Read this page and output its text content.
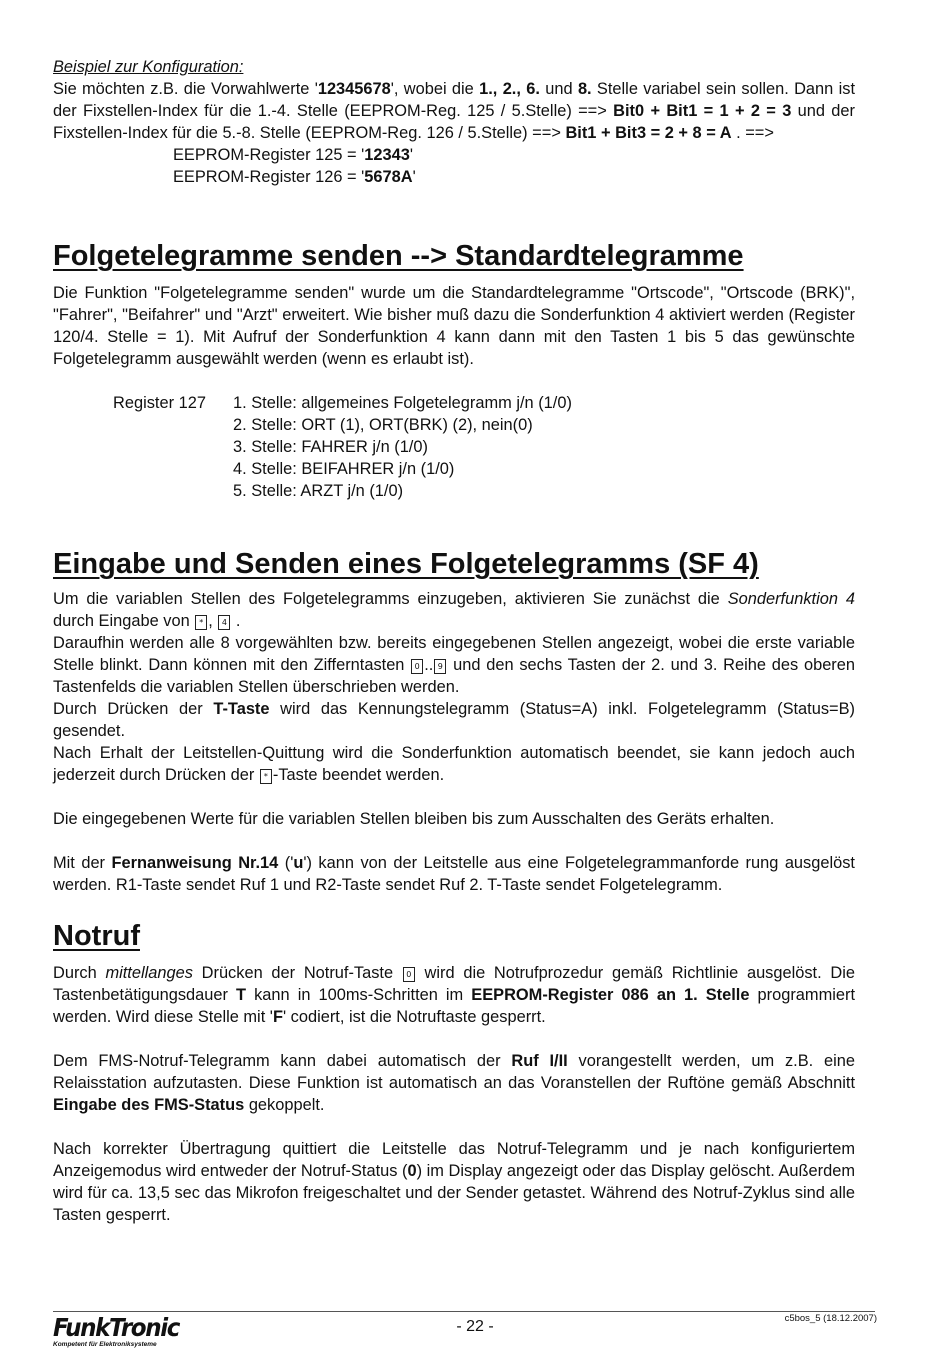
Beispiel zur Konfiguration:

Sie möchten z.B. die Vorwahlwerte '12345678', wobei die 1., 2., 6. und 8. Stelle variabel sein sollen. Dann ist der Fixstellen-Index für die 1.-4. Stelle (EEPROM-Reg. 125 / 5.Stelle) ==> Bit0 + Bit1 = 1 + 2 = 3 und der Fixstellen-Index für die 5.-8. Stelle (EEPROM-Reg. 126 / 5.Stelle) ==> Bit1 + Bit3 = 2 + 8 = A . ==>

EEPROM-Register 125 = '12343'

EEPROM-Register 126 = '5678A'

Folgetelegramme senden --> Standardtelegramme

Die Funktion "Folgetelegramme senden" wurde um die Standardtelegramme "Ortscode", "Ortscode (BRK)", "Fahrer", "Beifahrer" und "Arzt" erweitert. Wie bisher muß dazu die Sonderfunktion 4 aktiviert werden (Register 120/4. Stelle = 1). Mit Aufruf der Sonderfunktion 4 kann dann mit den Tasten 1 bis 5 das gewünschte Folgetelegramm ausgewählt werden (wenn es erlaubt ist).

Register 127	1. Stelle: allgemeines Folgetelegramm j/n (1/0)

2. Stelle: ORT (1), ORT(BRK) (2), nein(0)

3. Stelle: FAHRER j/n (1/0)

4. Stelle: BEIFAHRER j/n (1/0)

5. Stelle: ARZT j/n (1/0)

Eingabe und Senden eines Folgetelegramms (SF 4)

Um die variablen Stellen des Folgetelegramms einzugeben, aktivieren Sie zunächst die Sonderfunktion 4 durch Eingabe von * , 4 .

Daraufhin werden alle 8 vorgewählten bzw. bereits eingegebenen Stellen angezeigt, wobei die erste variable Stelle blinkt. Dann können mit den Zifferntasten 0 .. 9 und den sechs Tasten der 2. und 3. Reihe des oberen Tastenfelds die variablen Stellen überschrieben werden.

Durch Drücken der T-Taste wird das Kennungstelegramm (Status=A) inkl. Folgetelegramm (Status=B) gesendet.

Nach Erhalt der Leitstellen-Quittung wird die Sonderfunktion automatisch beendet, sie kann jedoch auch jederzeit durch Drücken der * -Taste beendet werden.

Die eingegebenen Werte für die variablen Stellen bleiben bis zum Ausschalten des Geräts erhalten.

Mit der Fernanweisung Nr.14 ('u') kann von der Leitstelle aus eine Folgetelegrammanforde rung ausgelöst werden. R1-Taste sendet Ruf 1 und R2-Taste sendet Ruf 2. T-Taste sendet Folgetelegramm.

Notruf

Durch mittellanges Drücken der Notruf-Taste 0 wird die Notrufprozedur gemäß Richtlinie ausgelöst. Die Tastenbetätigungsdauer T kann in 100ms-Schritten im EEPROM-Register 086 an 1. Stelle programmiert werden. Wird diese Stelle mit 'F' codiert, ist die Notruftaste gesperrt.

Dem FMS-Notruf-Telegramm kann dabei automatisch der Ruf I/II vorangestellt werden, um z.B. eine Relaisstation aufzutasten. Diese Funktion ist automatisch an das Voranstellen der Ruftöne gemäß Abschnitt Eingabe des FMS-Status gekoppelt.

Nach korrekter Übertragung quittiert die Leitstelle das Notruf-Telegramm und je nach konfiguriertem Anzeigemodus wird entweder der Notruf-Status (0) im Display angezeigt oder das Display gelöscht. Außerdem wird für ca. 13,5 sec das Mikrofon freigeschaltet und der Sender getastet. Während des Notruf-Zyklus sind alle Tasten gesperrt.

FunkTronic
Kompetent für Elektroniksysteme
- 22 -	c5bos_5 (18.12.2007)
